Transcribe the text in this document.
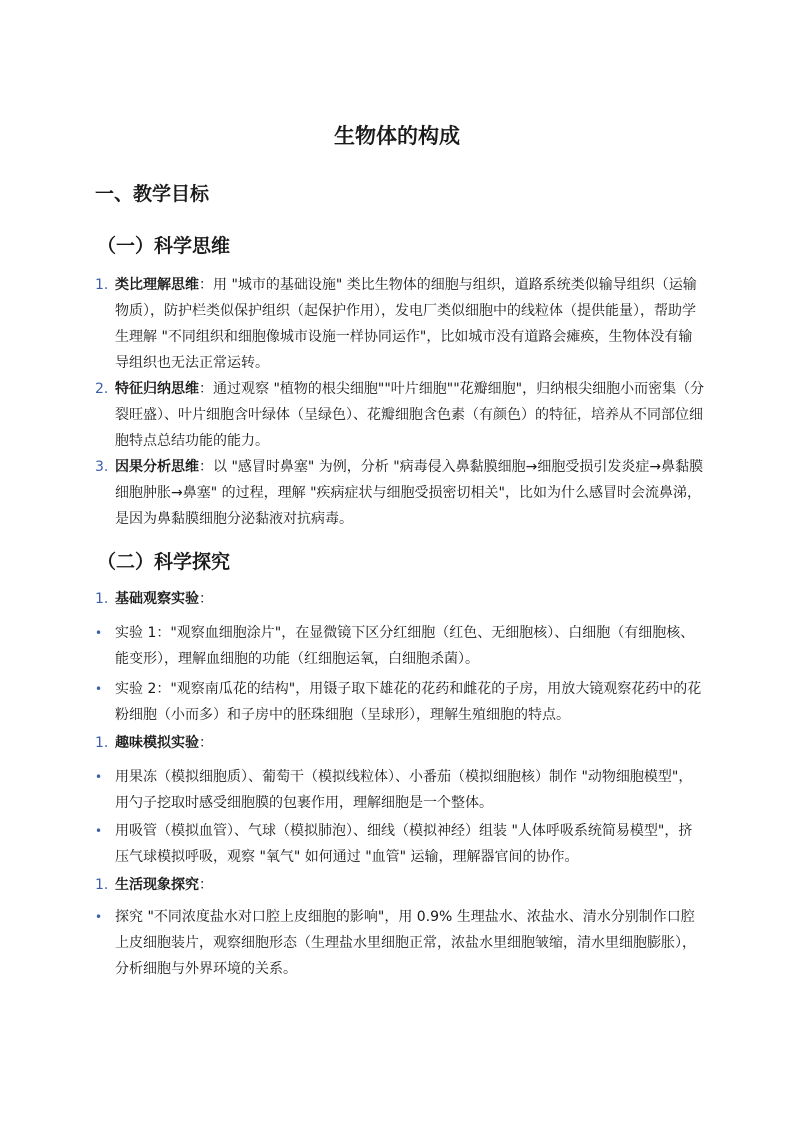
生物体的构成
一、教学目标
（一）科学思维
1. 类比理解思维：用 "城市的基础设施" 类比生物体的细胞与组织，道路系统类似输导组织（运输物质），防护栏类似保护组织（起保护作用），发电厂类似细胞中的线粒体（提供能量），帮助学生理解 "不同组织和细胞像城市设施一样协同运作"，比如城市没有道路会瘫痪，生物体没有输导组织也无法正常运转。
2. 特征归纳思维：通过观察 "植物的根尖细胞""叶片细胞""花瓣细胞"，归纳根尖细胞小而密集（分裂旺盛）、叶片细胞含叶绿体（呈绿色）、花瓣细胞含色素（有颜色）的特征，培养从不同部位细胞特点总结功能的能力。
3. 因果分析思维：以 "感冒时鼻塞" 为例，分析 "病毒侵入鼻黏膜细胞→细胞受损引发炎症→鼻黏膜细胞肿胀→鼻塞" 的过程，理解 "疾病症状与细胞受损密切相关"，比如为什么感冒时会流鼻涕，是因为鼻黏膜细胞分泌黏液对抗病毒。
（二）科学探究
1. 基础观察实验：
• 实验 1："观察血细胞涂片"，在显微镜下区分红细胞（红色、无细胞核）、白细胞（有细胞核、能变形），理解血细胞的功能（红细胞运氧，白细胞杀菌）。
• 实验 2："观察南瓜花的结构"，用镊子取下雄花的花药和雌花的子房，用放大镜观察花药中的花粉细胞（小而多）和子房中的胚珠细胞（呈球形），理解生殖细胞的特点。
1. 趣味模拟实验：
• 用果冻（模拟细胞质）、葡萄干（模拟线粒体）、小番茄（模拟细胞核）制作 "动物细胞模型"，用勺子挖取时感受细胞膜的包裹作用，理解细胞是一个整体。
• 用吸管（模拟血管）、气球（模拟肺泡）、细线（模拟神经）组装 "人体呼吸系统简易模型"，挤压气球模拟呼吸，观察 "氧气" 如何通过 "血管" 运输，理解器官间的协作。
1. 生活现象探究：
• 探究 "不同浓度盐水对口腔上皮细胞的影响"，用 0.9% 生理盐水、浓盐水、清水分别制作口腔上皮细胞装片，观察细胞形态（生理盐水里细胞正常，浓盐水里细胞皱缩，清水里细胞膨胀），分析细胞与外界环境的关系。
